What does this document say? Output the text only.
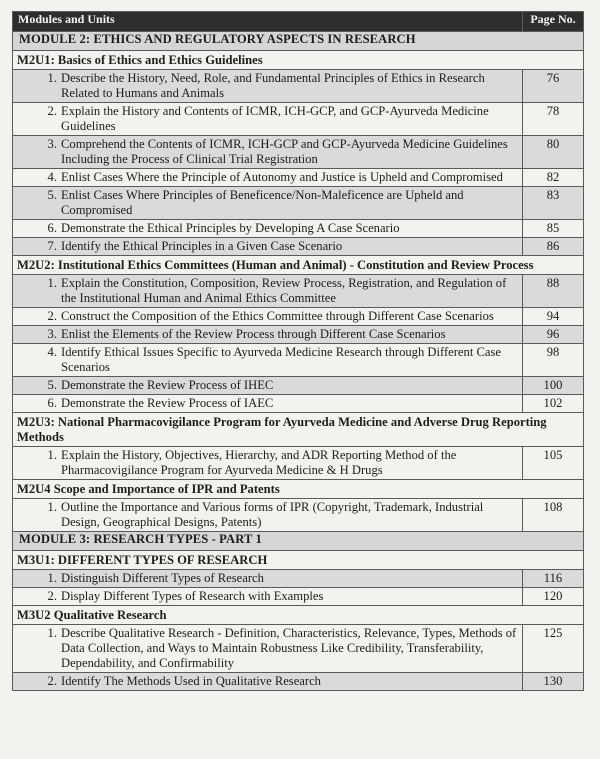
Modules and Units	Page No.
MODULE 2: ETHICS AND REGULATORY ASPECTS IN RESEARCH	
M2U1: Basics of Ethics and Ethics Guidelines	

1. Describe the History, Need, Role, and Fundamental Principles of Ethics in Research Related to Humans and Animals	76

2. Explain the History and Contents of ICMR, ICH-GCP, and GCP-Ayurveda Medicine Guidelines	78

3. Comprehend the Contents of ICMR, ICH-GCP and GCP-Ayurveda Medicine Guidelines Including the Process of Clinical Trial Registration	80

4. Enlist Cases Where the Principle of Autonomy and Justice is Upheld and Compromised	82

5. Enlist Cases Where Principles of Beneficence/Non-Maleficence are Upheld and Compromised	83

6. Demonstrate the Ethical Principles by Developing A Case Scenario	85

7. Identify the Ethical Principles in a Given Case Scenario	86
M2U2: Institutional Ethics Committees (Human and Animal) - Constitution and Review Process	

1. Explain the Constitution, Composition, Review Process, Registration, and Regulation of the Institutional Human and Animal Ethics Committee	88

2. Construct the Composition of the Ethics Committee through Different Case Scenarios	94

3. Enlist the Elements of the Review Process through Different Case Scenarios	96

4. Identify Ethical Issues Specific to Ayurveda Medicine Research through Different Case Scenarios	98

5. Demonstrate the Review Process of IHEC	100

6. Demonstrate the Review Process of IAEC	102
M2U3: National Pharmacovigilance Program for Ayurveda Medicine and Adverse Drug Reporting Methods	

1. Explain the History, Objectives, Hierarchy, and ADR Reporting Method of the Pharmacovigilance Program for Ayurveda Medicine & H Drugs	105
M2U4 Scope and Importance of IPR and Patents	

1. Outline the Importance and Various forms of IPR (Copyright, Trademark, Industrial Design, Geographical Designs, Patents)	108
MODULE 3: RESEARCH TYPES - PART 1	
M3U1: DIFFERENT TYPES OF RESEARCH	

1. Distinguish Different Types of Research	116

2. Display Different Types of Research with Examples	120
M3U2 Qualitative Research	

1. Describe Qualitative Research - Definition, Characteristics, Relevance, Types, Methods of Data Collection, and Ways to Maintain Robustness Like Credibility, Transferability, Dependability, and Confirmability	125

2. Identify The Methods Used in Qualitative Research	130
